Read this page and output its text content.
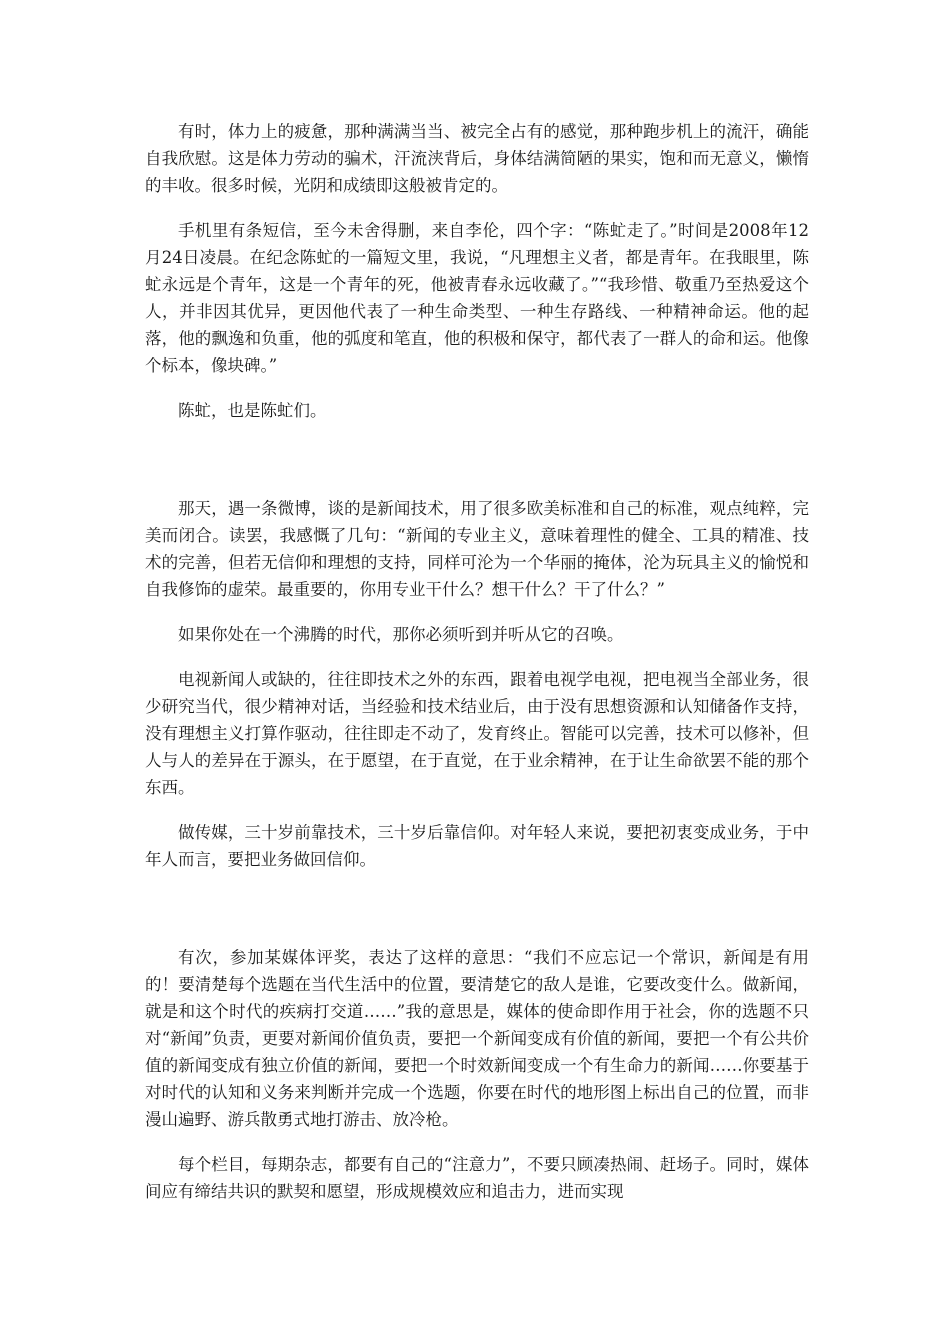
有时，体力上的疲惫，那种满满当当、被完全占有的感觉，那种跑步机上的流汗，确能自我欣慰。这是体力劳动的骗术，汗流浃背后，身体结满简陋的果实，饱和而无意义，懒惰的丰收。很多时候，光阴和成绩即这般被肯定的。

手机里有条短信，至今未舍得删，来自李伦，四个字：“陈虻走了。”时间是2008年12月24日凌晨。在纪念陈虻的一篇短文里，我说，“凡理想主义者，都是青年。在我眼里，陈虻永远是个青年，这是一个青年的死，他被青春永远收藏了。”“我珍惜、敬重乃至热爱这个人，并非因其优异，更因他代表了一种生命类型、一种生存路线、一种精神命运。他的起落，他的飘逸和负重，他的弧度和笔直，他的积极和保守，都代表了一群人的命和运。他像个标本，像块碑。”

陈虻，也是陈虻们。

那天，遇一条微博，谈的是新闻技术，用了很多欧美标准和自己的标准，观点纯粹，完美而闭合。读罢，我感慨了几句：“新闻的专业主义，意味着理性的健全、工具的精准、技术的完善，但若无信仰和理想的支持，同样可沦为一个华丽的掩体，沦为玩具主义的愉悦和自我修饰的虚荣。最重要的，你用专业干什么？想干什么？干了什么？”

如果你处在一个沸腾的时代，那你必须听到并听从它的召唤。

电视新闻人或缺的，往往即技术之外的东西，跟着电视学电视，把电视当全部业务，很少研究当代，很少精神对话，当经验和技术结业后，由于没有思想资源和认知储备作支持，没有理想主义打算作驱动，往往即走不动了，发育终止。智能可以完善，技术可以修补，但人与人的差异在于源头，在于愿望，在于直觉，在于业余精神，在于让生命欲罢不能的那个东西。

做传媒，三十岁前靠技术，三十岁后靠信仰。对年轻人来说，要把初衷变成业务，于中年人而言，要把业务做回信仰。

有次，参加某媒体评奖，表达了这样的意思：“我们不应忘记一个常识，新闻是有用的！要清楚每个选题在当代生活中的位置，要清楚它的敌人是谁，它要改变什么。做新闻，就是和这个时代的疾病打交道……”我的意思是，媒体的使命即作用于社会，你的选题不只对“新闻”负责，更要对新闻价值负责，要把一个新闻变成有价值的新闻，要把一个有公共价值的新闻变成有独立价值的新闻，要把一个时效新闻变成一个有生命力的新闻……你要基于对时代的认知和义务来判断并完成一个选题，你要在时代的地形图上标出自己的位置，而非漫山遍野、游兵散勇式地打游击、放冷枪。

每个栏目，每期杂志，都要有自己的“注意力”，不要只顾凑热闹、赶场子。同时，媒体间应有缔结共识的默契和愿望，形成规模效应和追击力，进而实现
